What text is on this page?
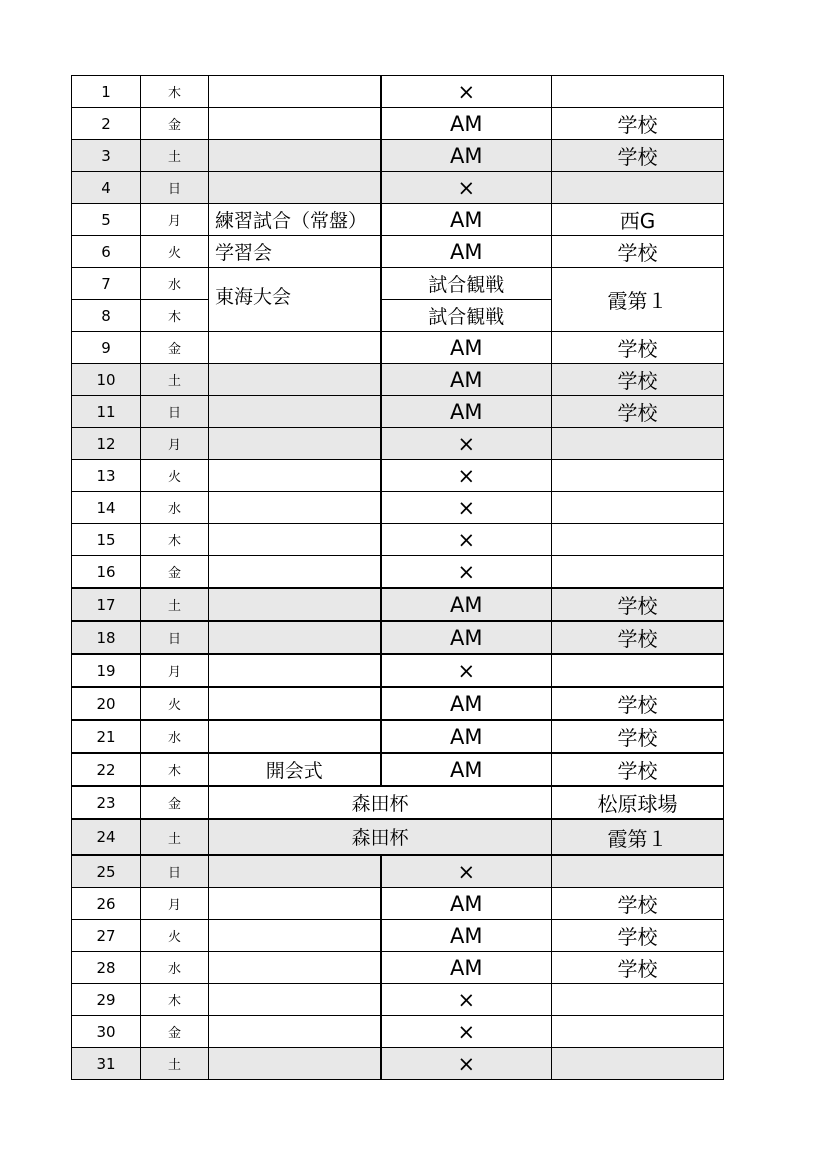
1	木		×	
2	金		AM	学校
3	土		AM	学校
4	日		×	
5	月	練習試合（常盤）	AM	西G
6	火	学習会	AM	学校
7	水	東海大会	試合観戦	霞第１
8	木		試合観戦	
9	金		AM	学校
10	土		AM	学校
11	日		AM	学校
12	月		×	
13	火		×	
14	水		×	
15	木		×	
16	金		×	
17	土		AM	学校
18	日		AM	学校
19	月		×	
20	火		AM	学校
21	水		AM	学校
22	木	開会式	AM	学校
23	金	森田杯		松原球場
24	土	森田杯		霞第１
25	日		×	
26	月		AM	学校
27	火		AM	学校
28	水		AM	学校
29	木		×	
30	金		×	
31	土		×	
